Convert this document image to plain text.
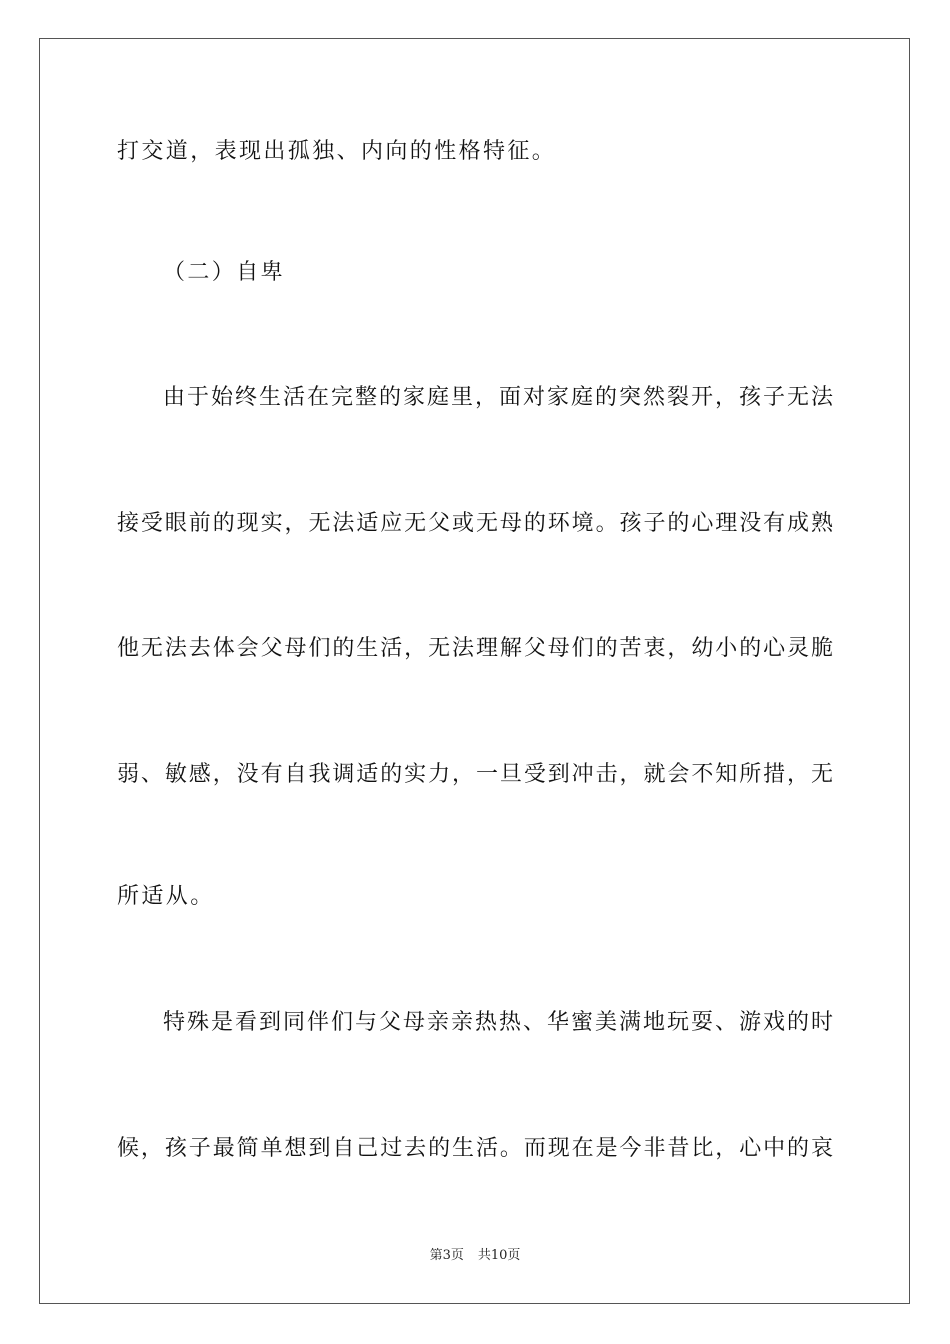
打交道，表现出孤独、内向的性格特征。
（二）自卑
由于始终生活在完整的家庭里，面对家庭的突然裂开，孩子无法
接受眼前的现实，无法适应无父或无母的环境。孩子的心理没有成熟
他无法去体会父母们的生活，无法理解父母们的苦衷，幼小的心灵脆
弱、敏感，没有自我调适的实力，一旦受到冲击，就会不知所措，无
所适从。
特殊是看到同伴们与父母亲亲热热、华蜜美满地玩耍、游戏的时
候，孩子最简单想到自己过去的生活。而现在是今非昔比，心中的哀
第3页 共10页
